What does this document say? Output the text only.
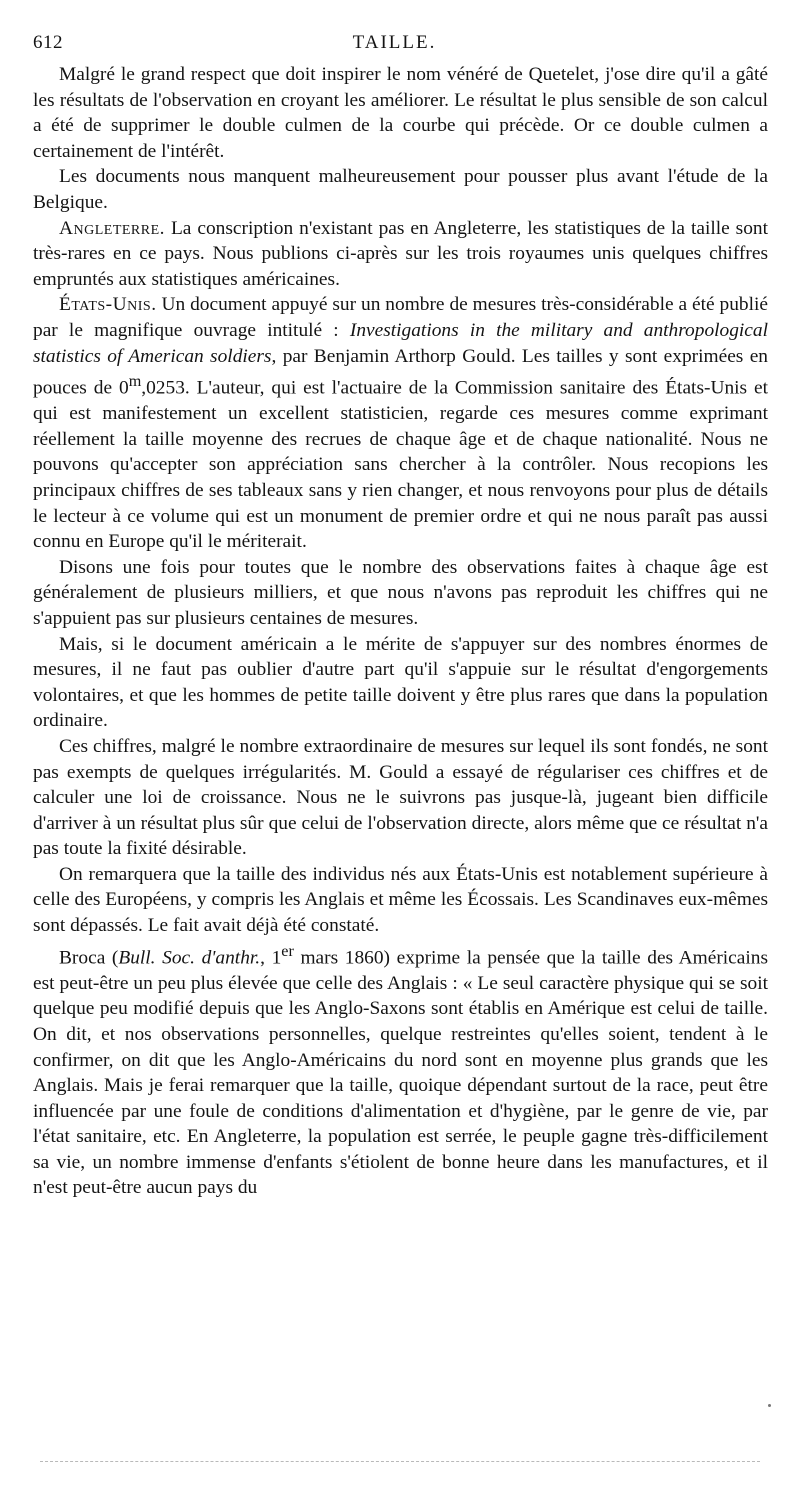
612	TAILLE.

Malgré le grand respect que doit inspirer le nom vénéré de Quetelet, j'ose dire qu'il a gâté les résultats de l'observation en croyant les améliorer. Le résultat le plus sensible de son calcul a été de supprimer le double culmen de la courbe qui précède. Or ce double culmen a certainement de l'intérêt.

Les documents nous manquent malheureusement pour pousser plus avant l'étude de la Belgique.

Angleterre. La conscription n'existant pas en Angleterre, les statistiques de la taille sont très-rares en ce pays. Nous publions ci-après sur les trois royaumes unis quelques chiffres empruntés aux statistiques américaines.

États-Unis. Un document appuyé sur un nombre de mesures très-considérable a été publié par le magnifique ouvrage intitulé : Investigations in the military and anthropological statistics of American soldiers, par Benjamin Arthorp Gould. Les tailles y sont exprimées en pouces de 0$^m$,0253. L'auteur, qui est l'actuaire de la Commission sanitaire des États-Unis et qui est manifestement un excellent statisticien, regarde ces mesures comme exprimant réellement la taille moyenne des recrues de chaque âge et de chaque nationalité. Nous ne pouvons qu'accepter son appréciation sans chercher à la contrôler. Nous recopions les principaux chiffres de ses tableaux sans y rien changer, et nous renvoyons pour plus de détails le lecteur à ce volume qui est un monument de premier ordre et qui ne nous paraît pas aussi connu en Europe qu'il le mériterait.

Disons une fois pour toutes que le nombre des observations faites à chaque âge est généralement de plusieurs milliers, et que nous n'avons pas reproduit les chiffres qui ne s'appuient pas sur plusieurs centaines de mesures.

Mais, si le document américain a le mérite de s'appuyer sur des nombres énormes de mesures, il ne faut pas oublier d'autre part qu'il s'appuie sur le résultat d'engorgements volontaires, et que les hommes de petite taille doivent y être plus rares que dans la population ordinaire.

Ces chiffres, malgré le nombre extraordinaire de mesures sur lequel ils sont fondés, ne sont pas exempts de quelques irrégularités. M. Gould a essayé de régulariser ces chiffres et de calculer une loi de croissance. Nous ne le suivrons pas jusque-là, jugeant bien difficile d'arriver à un résultat plus sûr que celui de l'observation directe, alors même que ce résultat n'a pas toute la fixité désirable.

On remarquera que la taille des individus nés aux États-Unis est notablement supérieure à celle des Européens, y compris les Anglais et même les Écossais. Les Scandinaves eux-mêmes sont dépassés. Le fait avait déjà été constaté.

Broca (Bull. Soc. d'anthr., 1er mars 1860) exprime la pensée que la taille des Américains est peut-être un peu plus élevée que celle des Anglais : « Le seul caractère physique qui se soit quelque peu modifié depuis que les Anglo-Saxons sont établis en Amérique est celui de taille. On dit, et nos observations personnelles, quelque restreintes qu'elles soient, tendent à le confirmer, on dit que les Anglo-Américains du nord sont en moyenne plus grands que les Anglais. Mais je ferai remarquer que la taille, quoique dépendant surtout de la race, peut être influencée par une foule de conditions d'alimentation et d'hygiène, par le genre de vie, par l'état sanitaire, etc. En Angleterre, la population est serrée, le peuple gagne très-difficilement sa vie, un nombre immense d'enfants s'étiolent de bonne heure dans les manufactures, et il n'est peut-être aucun pays du
